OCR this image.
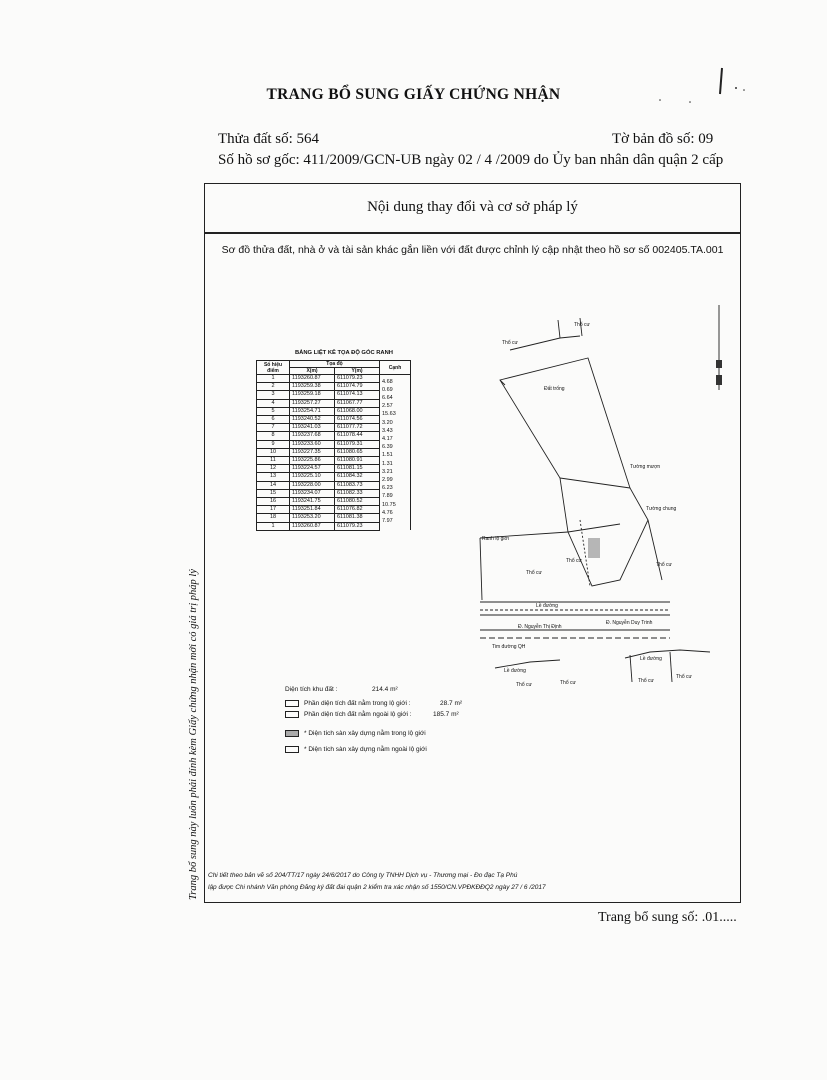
TRANG BỔ SUNG GIẤY CHỨNG NHẬN
Thửa đất số: 564	Tờ bản đồ số: 09
Số hồ sơ gốc: 411/2009/GCN-UB ngày 02 / 4 /2009 do Ủy ban nhân dân quận 2 cấp
Nội dung thay đổi và cơ sở pháp lý
Sơ đồ thửa đất, nhà ở và tài sản khác gắn liền với đất được chỉnh lý cập nhật theo hồ sơ số 002405.TA.001
BẢNG LIỆT KÊ TỌA ĐỘ GÓC RANH
Số hiệu điểm	Tọa độ		Cạnh
	X(m)	Y(m)	
1	1193260.87	611079.23	4.68
2	1193259.38	611074.79	0.69
3	1193259.18	611074.13	6.64
4	1193257.27	611067.77	2.57
5	1193254.71	611068.00	15.63
6	1193240.52	611074.56	3.20
7	1193241.03	611077.72	3.43
8	1193237.68	611078.44	4.17
9	1193233.60	611079.31	6.39
10	1193227.35	611080.65	1.51
11	1193225.86	611080.91	1.31
12	1193224.57	611081.15	3.21
13	1193225.10	611084.32	2.99
14	1193228.00	611083.73	6.23
15	1193234.07	611082.33	7.89
16	1193241.75	611080.52	10.75
17	1193251.84	611076.82	4.76
18	1193253.20	611081.38	7.97
1	1193260.87	611079.23	
Thổ cư
Thổ cư
Đất trống
Tường mượn
Tường chung
Ranh lộ giới
Thổ cư
Thổ cư
Thổ cư
Lề đường
Đ. Nguyễn Thị Định
Đ. Nguyễn Duy Trinh
Tim đường QH
Lề đường
Thổ cư	Thổ cư
Lề đường
Thổ cư
Thổ cư
Diện tích khu đất :	214.4 m²
Phần diện tích đất nằm trong lộ giới :	28.7 m²
Phần diện tích đất nằm ngoài lộ giới :	185.7 m²
* Diện tích sàn xây dựng nằm trong lộ giới
* Diện tích sàn xây dựng nằm ngoài lộ giới
Trang bổ sung này luôn phải đính kèm Giấy chứng nhận mới có giá trị pháp lý Chi tiết theo bản vẽ số 204/TT/17 ngày 24/6/2017 do Công ty TNHH Dịch vụ - Thương mại - Đo đạc Tạ Phú
lập được Chi nhánh Văn phòng Đăng ký đất đai quận 2 kiểm tra xác nhận số 1550/CN.VPĐKĐĐQ2 ngày 27 / 6 /2017
Trang bổ sung số: .01.....
